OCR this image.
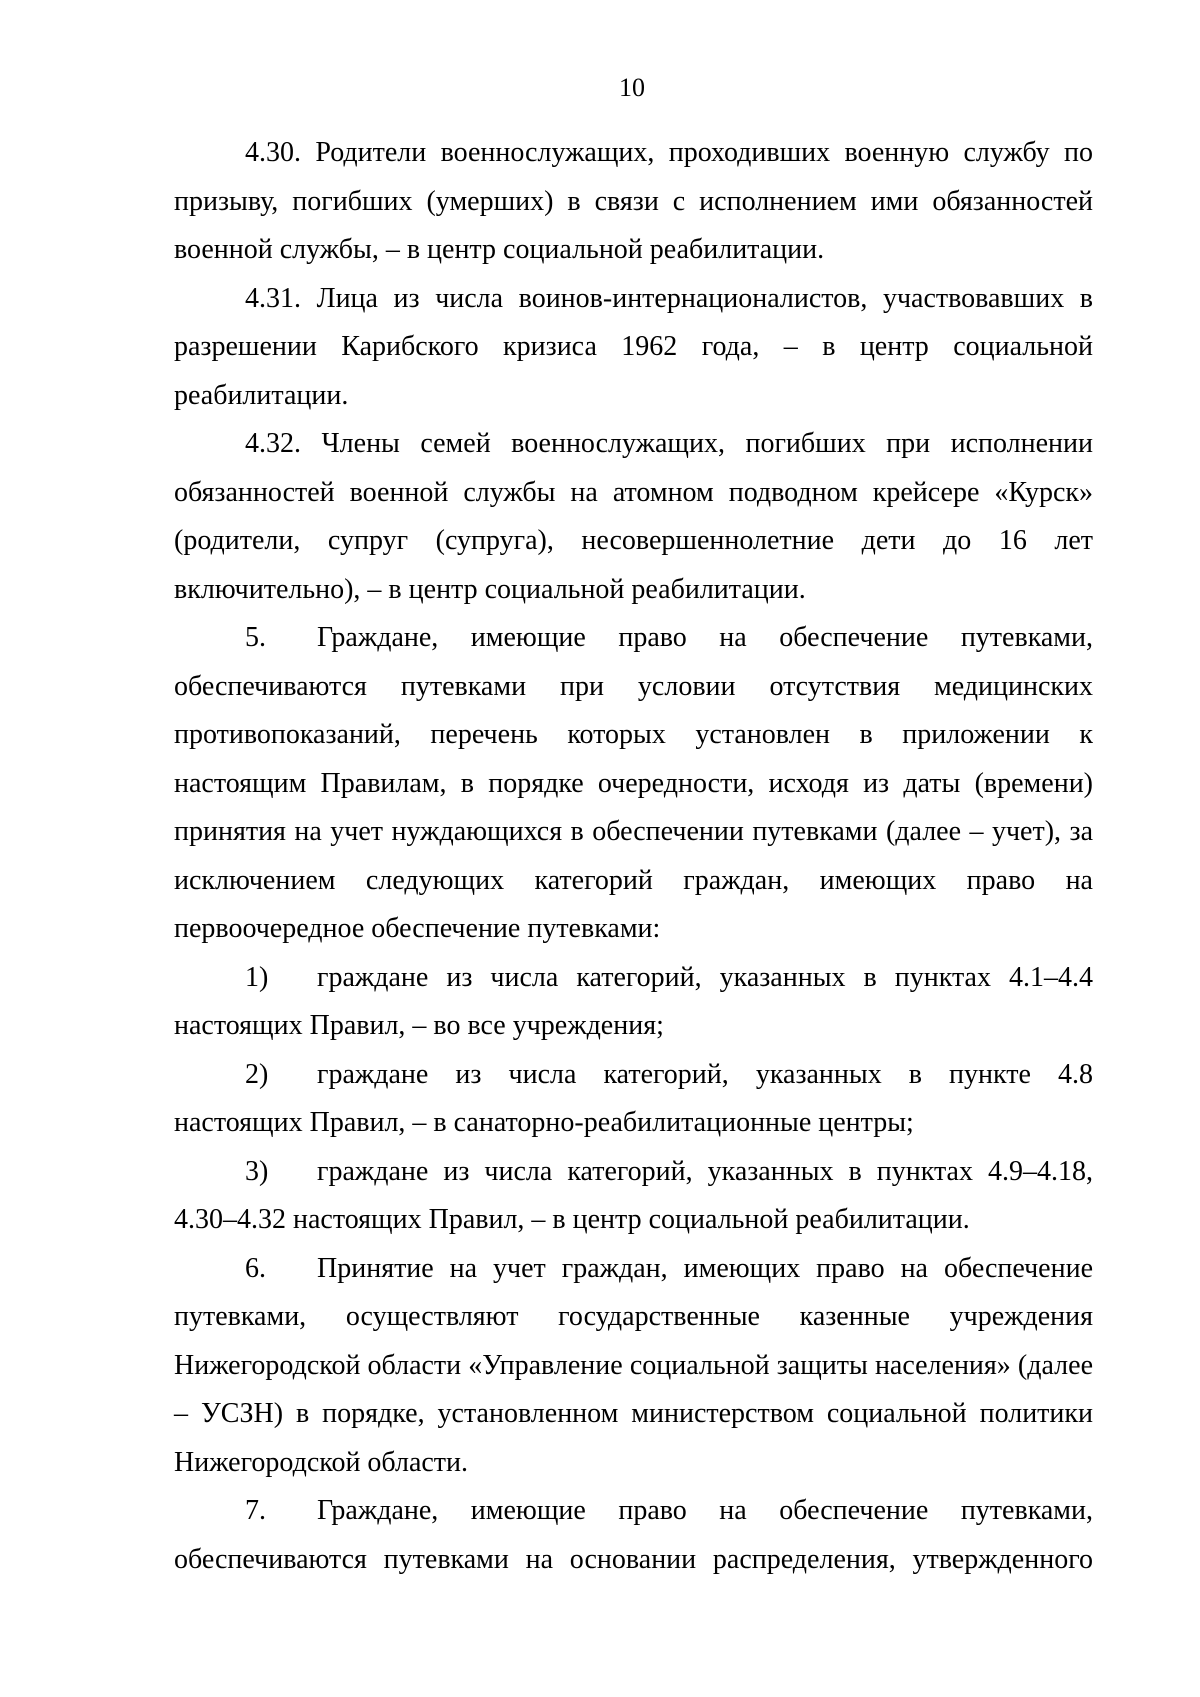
10

4.30. Родители военнослужащих, проходивших военную службу по призыву, погибших (умерших) в связи с исполнением ими обязанностей военной службы, – в центр социальной реабилитации.

4.31. Лица из числа воинов-интернационалистов, участвовавших в разрешении Карибского кризиса 1962 года, – в центр социальной реабилитации.

4.32. Члены семей военнослужащих, погибших при исполнении обязанностей военной службы на атомном подводном крейсере «Курск» (родители, супруг (супруга), несовершеннолетние дети до 16 лет включительно), – в центр социальной реабилитации.

5.	Граждане, имеющие право на обеспечение путевками,
обеспечиваются путевками при условии отсутствия медицинских противопоказаний, перечень которых установлен в приложении к настоящим Правилам, в порядке очередности, исходя из даты (времени) принятия на учет нуждающихся в обеспечении путевками (далее – учет), за исключением следующих категорий граждан, имеющих право на первоочередное обеспечение путевками:
1)	граждане из числа категорий, указанных в пунктах 4.1–4.4
настоящих Правил, – во все учреждения;
2)	граждане из числа категорий, указанных в пункте 4.8
настоящих Правил, – в санаторно-реабилитационные центры;
3)	граждане из числа категорий, указанных в пунктах 4.9–4.18,
4.30–4.32 настоящих Правил, – в центр социальной реабилитации.
6.	Принятие на учет граждан, имеющих право на обеспечение
путевками, осуществляют государственные казенные учреждения Нижегородской области «Управление социальной защиты населения» (далее – УСЗН) в порядке, установленном министерством социальной политики Нижегородской области.
7.	Граждане, имеющие право на обеспечение путевками,
обеспечиваются путевками на основании распределения, утвержденного
